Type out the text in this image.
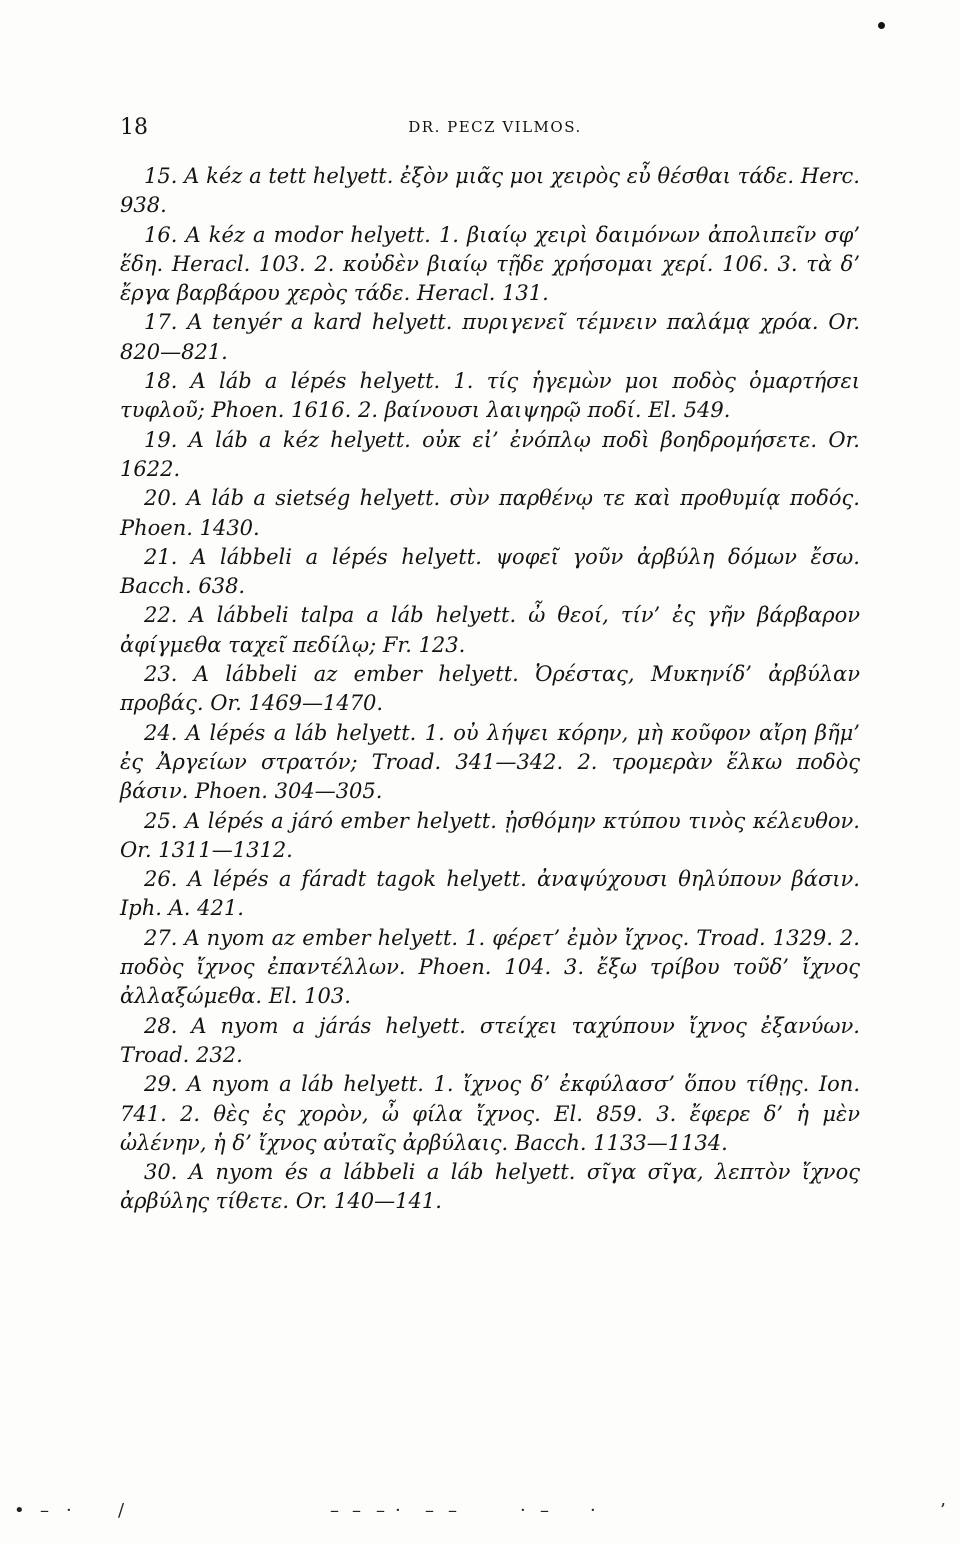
18	DR. PECZ VILMOS.

15. A kéz a tett helyett. ἐξὸν μιᾶς μοι χειρὸς εὖ θέσθαι τάδε. Herc. 938.

16. A kéz a modor helyett. 1. βιαίῳ χειρὶ δαιμόνων ἀπολιπεῖν σφ’ ἕδη. Heracl. 103. 2. κοὐδὲν βιαίῳ τῇδε χρήσομαι χερί. 106. 3. τὰ δ’ ἔργα βαρβάρου χερὸς τάδε. Heracl. 131.

17. A tenyér a kard helyett. πυριγενεῖ τέμνειν παλάμᾳ χρόα. Or. 820—821.

18. A láb a lépés helyett. 1. τίς ἡγεμὼν μοι ποδὸς ὁμαρτήσει τυφλοῦ; Phoen. 1616. 2. βαίνουσι λαιψηρῷ ποδί. El. 549.

19. A láb a kéz helyett. οὐκ εἰ’ ἐνόπλῳ ποδὶ βοηδρομήσετε. Or. 1622.

20. A láb a sietség helyett. σὺν παρθένῳ τε καὶ προθυμίᾳ ποδός. Phoen. 1430.

21. A lábbeli a lépés helyett. ψοφεῖ γοῦν ἀρβύλη δόμων ἔσω. Bacch. 638.

22. A lábbeli talpa a láb helyett. ὦ θεοί, τίν’ ἐς γῆν βάρβαρον ἀφίγμεθα ταχεῖ πεδίλῳ; Fr. 123.

23. A lábbeli az ember helyett. Ὀρέστας, Μυκηνίδ’ ἀρβύλαν προβάς. Or. 1469—1470.

24. A lépés a láb helyett. 1. οὐ λήψει κόρην, μὴ κοῦφον αἴρη βῆμ’ ἐς Ἀργείων στρατόν; Troad. 341—342. 2. τρομερὰν ἕλκω ποδὸς βάσιν. Phoen. 304—305.

25. A lépés a járó ember helyett. ᾐσθόμην κτύπου τινὸς κέλευθον. Or. 1311—1312.

26. A lépés a fáradt tagok helyett. ἀναψύχουσι θηλύπουν βάσιν. Iph. A. 421.

27. A nyom az ember helyett. 1. φέρετ’ ἐμὸν ἴχνος. Troad. 1329. 2. ποδὸς ἴχνος ἐπαντέλλων. Phoen. 104. 3. ἔξω τρίβου τοῦδ’ ἴχνος ἀλλαξώμεθα. El. 103.

28. A nyom a járás helyett. στείχει ταχύπουν ἴχνος ἐξανύων. Troad. 232.

29. A nyom a láb helyett. 1. ἴχνος δ’ ἐκφύλασσ’ ὅπου τίθῃς. Ion. 741. 2. θὲς ἐς χορὸν, ὦ φίλα ἴχνος. El. 859. 3. ἔφερε δ’ ἡ μὲν ὠλένην, ἡ δ’ ἴχνος αὐταῖς ἀρβύλαις. Bacch. 1133—1134.

30. A nyom és a lábbeli a láb helyett. σῖγα σῖγα, λεπτὸν ἴχνος ἀρβύλης τίθετε. Or. 140—141.

• – ·	/	– – – · – –	· – ·	’
